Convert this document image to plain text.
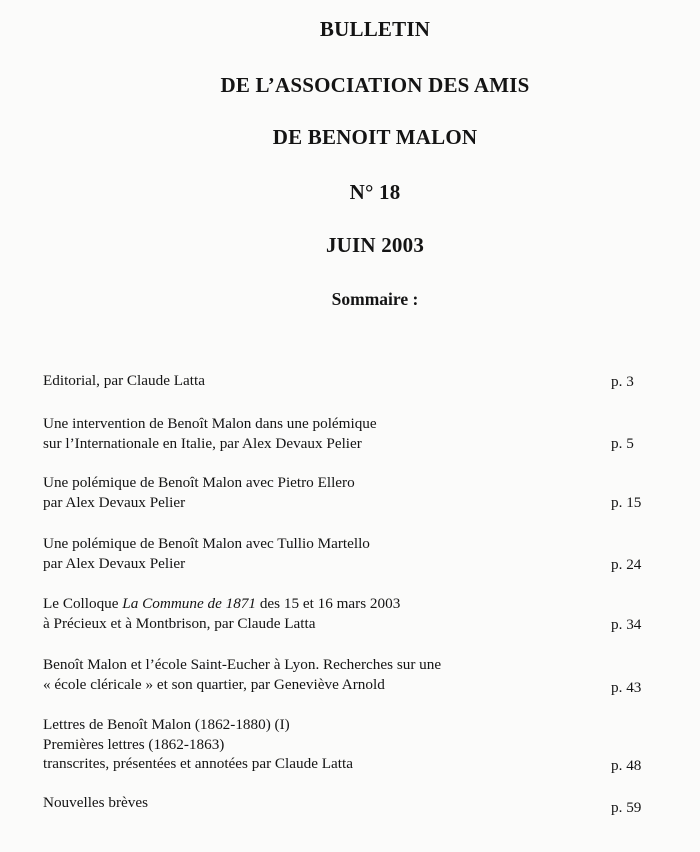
BULLETIN
DE L’ASSOCIATION DES AMIS
DE BENOIT MALON
N° 18
JUIN 2003
Sommaire :
Editorial, par Claude Latta	p. 3
Une intervention de Benoît Malon dans une polémique
sur l’Internationale en Italie, par Alex Devaux Pelier	p. 5
Une polémique de Benoît Malon avec Pietro Ellero
par Alex Devaux Pelier	p. 15
Une polémique de Benoît Malon avec Tullio Martello
par Alex Devaux Pelier	p. 24
Le Colloque La Commune de 1871 des 15 et 16 mars 2003
à Précieux et à Montbrison, par Claude Latta	p. 34
Benoît Malon et l’école Saint-Eucher à Lyon. Recherches sur une
« école cléricale » et son quartier, par Geneviève Arnold	p. 43
Lettres de Benoît Malon (1862-1880) (I)
Premières lettres (1862-1863)
transcrites, présentées et annotées par Claude Latta	p. 48
Nouvelles brèves	p. 59
